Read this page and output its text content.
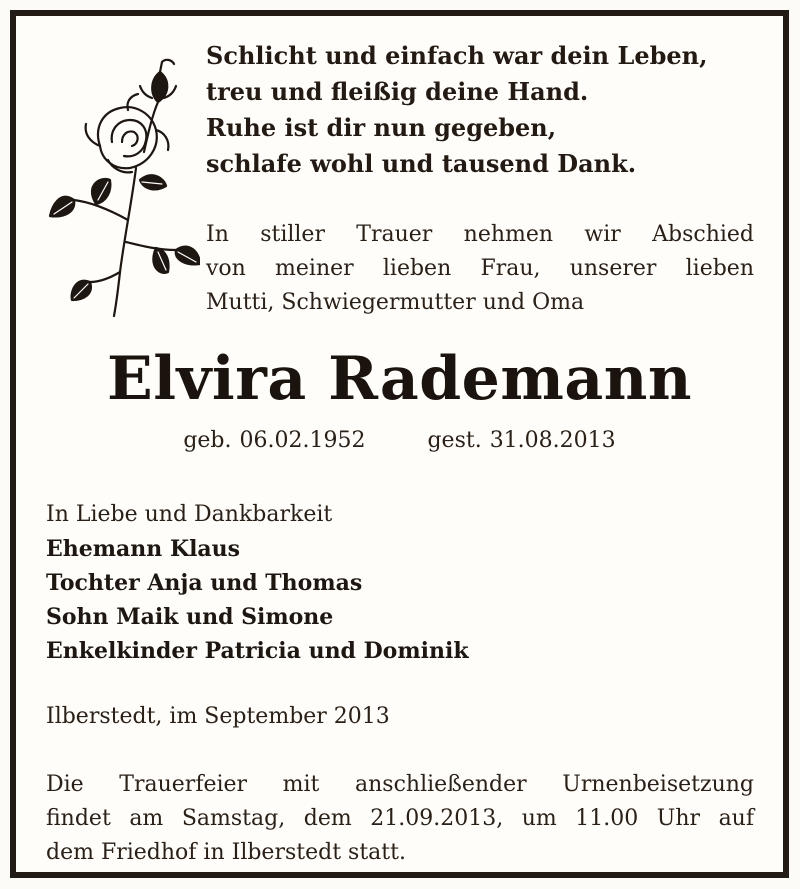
Schlicht und einfach war dein Leben,
treu und fleißig deine Hand.
Ruhe ist dir nun gegeben,
schlafe wohl und tausend Dank.
In stiller Trauer nehmen wir Abschied
von meiner lieben Frau, unserer lieben
Mutti, Schwiegermutter und Oma
Elvira Rademann
geb. 06.02.1952	gest. 31.08.2013
In Liebe und Dankbarkeit
Ehemann Klaus
Tochter Anja und Thomas
Sohn Maik und Simone
Enkelkinder Patricia und Dominik
Ilberstedt, im September 2013
Die Trauerfeier mit anschließender Urnenbeisetzung
findet am Samstag, dem 21.09.2013, um 11.00 Uhr auf
dem Friedhof in Ilberstedt statt.
